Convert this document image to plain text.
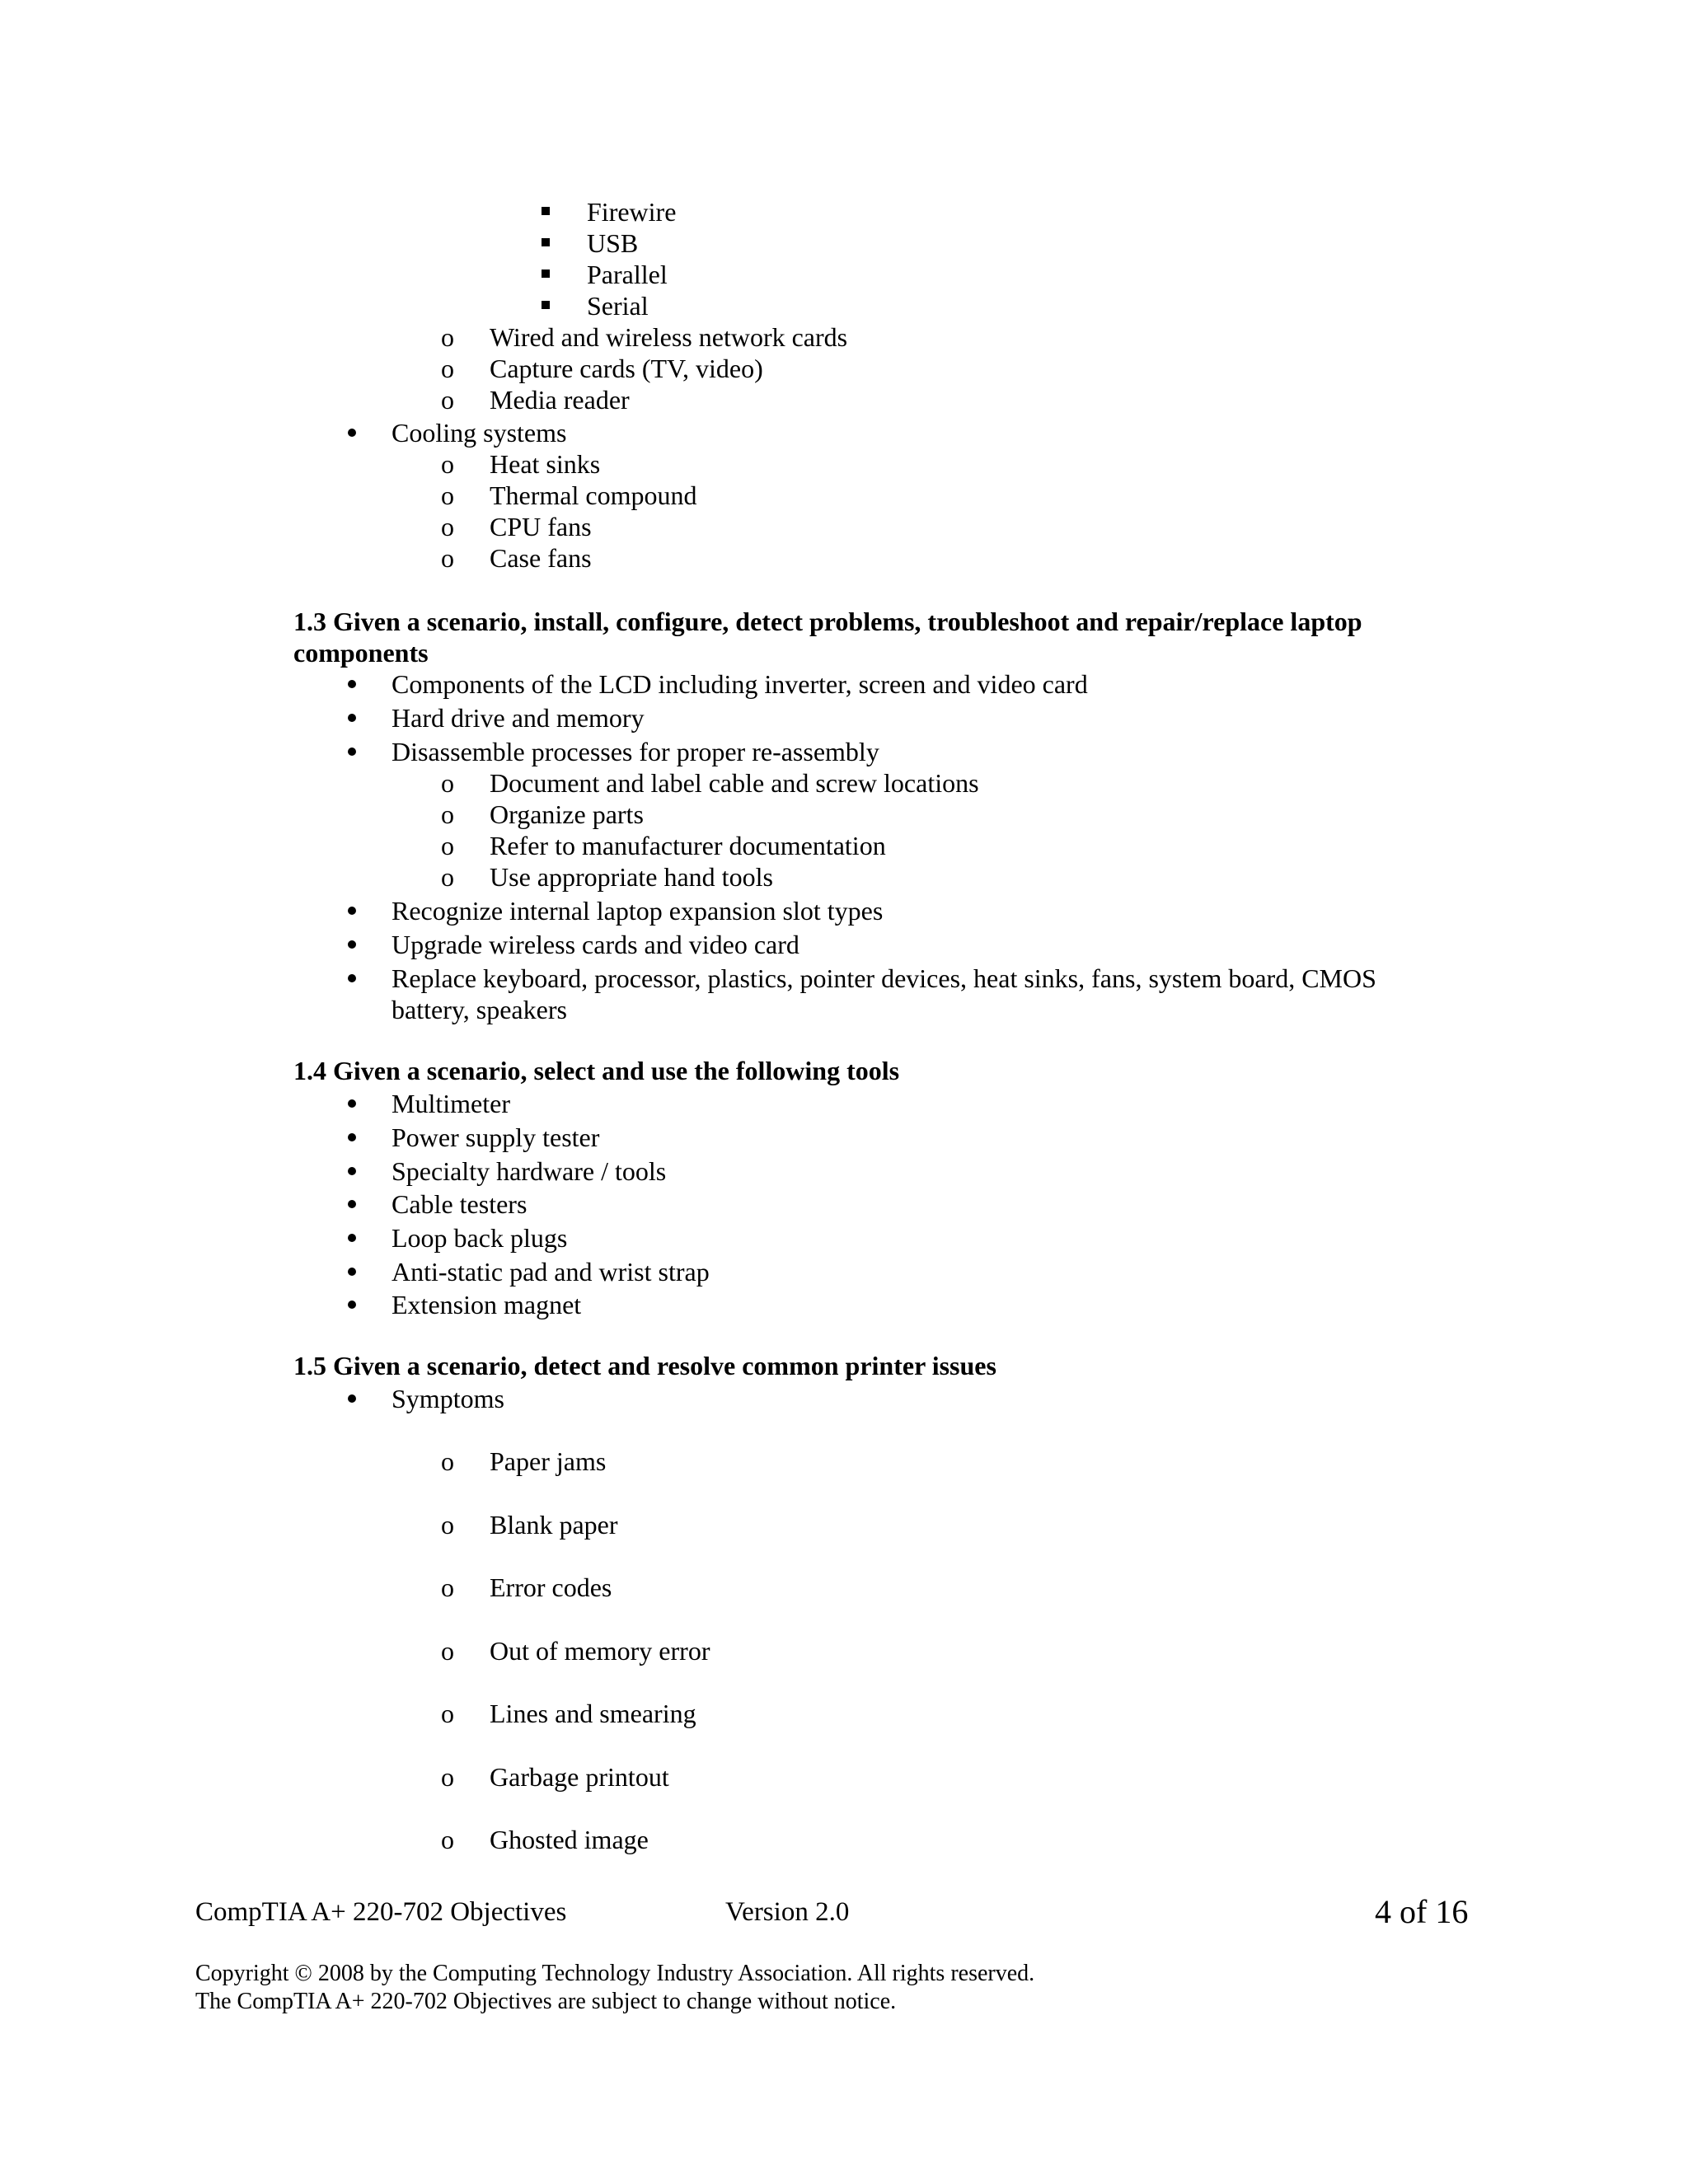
Firewire
USB
Parallel
Serial
o Wired and wireless network cards
o Capture cards (TV, video)
o Media reader
Cooling systems
o Heat sinks
o Thermal compound
o CPU fans
o Case fans
1.3 Given a scenario, install, configure, detect problems, troubleshoot and repair/replace laptop
components
Components of the LCD including inverter, screen and video card
Hard drive and memory
Disassemble processes for proper re-assembly
o Document and label cable and screw locations
o Organize parts
o Refer to manufacturer documentation
o Use appropriate hand tools
Recognize internal laptop expansion slot types
Upgrade wireless cards and video card
Replace keyboard, processor, plastics, pointer devices, heat sinks, fans, system board, CMOS
battery, speakers
1.4 Given a scenario, select and use the following tools
Multimeter
Power supply tester
Specialty hardware / tools
Cable testers
Loop back plugs
Anti-static pad and wrist strap
Extension magnet
1.5 Given a scenario, detect and resolve common printer issues
Symptoms
o Paper jams
o Blank paper
o Error codes
o Out of memory error
o Lines and smearing
o Garbage printout
o Ghosted image
CompTIA A+ 220-702 Objectives	Version 2.0	4 of 16
Copyright © 2008 by the Computing Technology Industry Association. All rights reserved.
The CompTIA A+ 220-702 Objectives are subject to change without notice.
